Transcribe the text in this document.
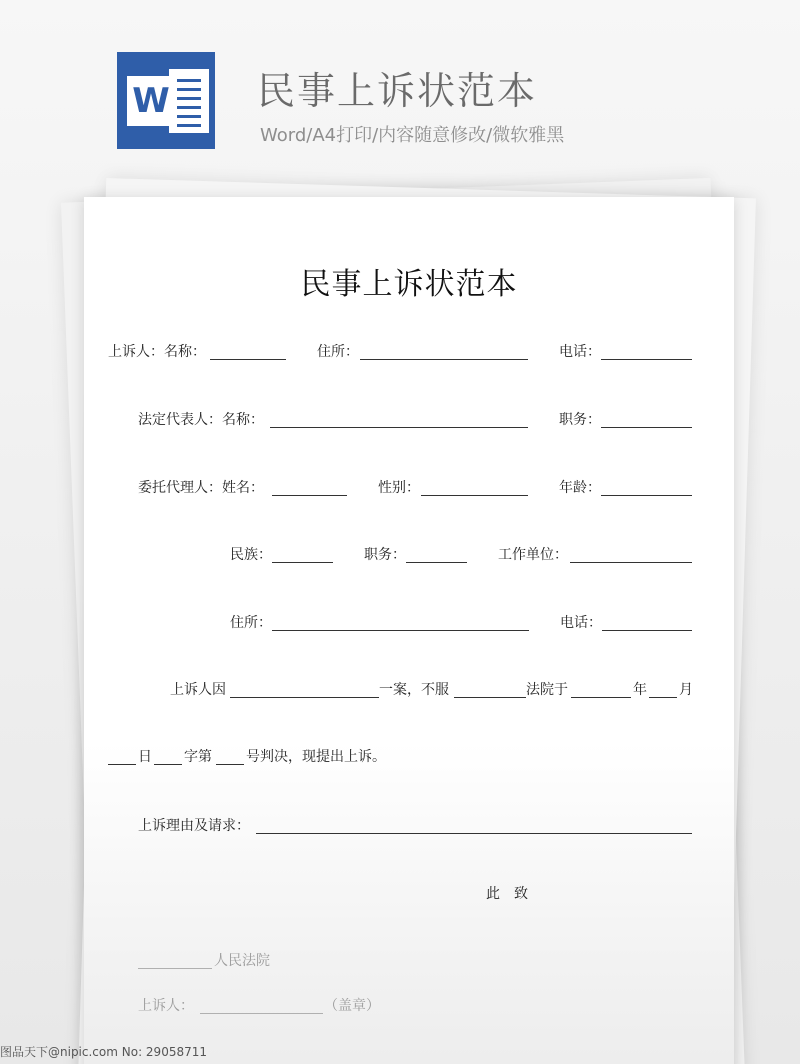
W 民事上诉状范本
Word/A4打印/内容随意修改/微软雅黑
民事上诉状范本
上诉人：名称：	住所：	电话：
法定代表人：名称：	职务：
委托代理人：姓名：	性别：	年龄：
民族：	职务：	工作单位：
住所：	电话：
上诉人因	一案，不服	法院于	年 月
日 字第 号判决，现提出上诉。
上诉理由及请求：
此　致
人民法院
上诉人：	（盖章）
图品天下@nipic.com No: 29058711
